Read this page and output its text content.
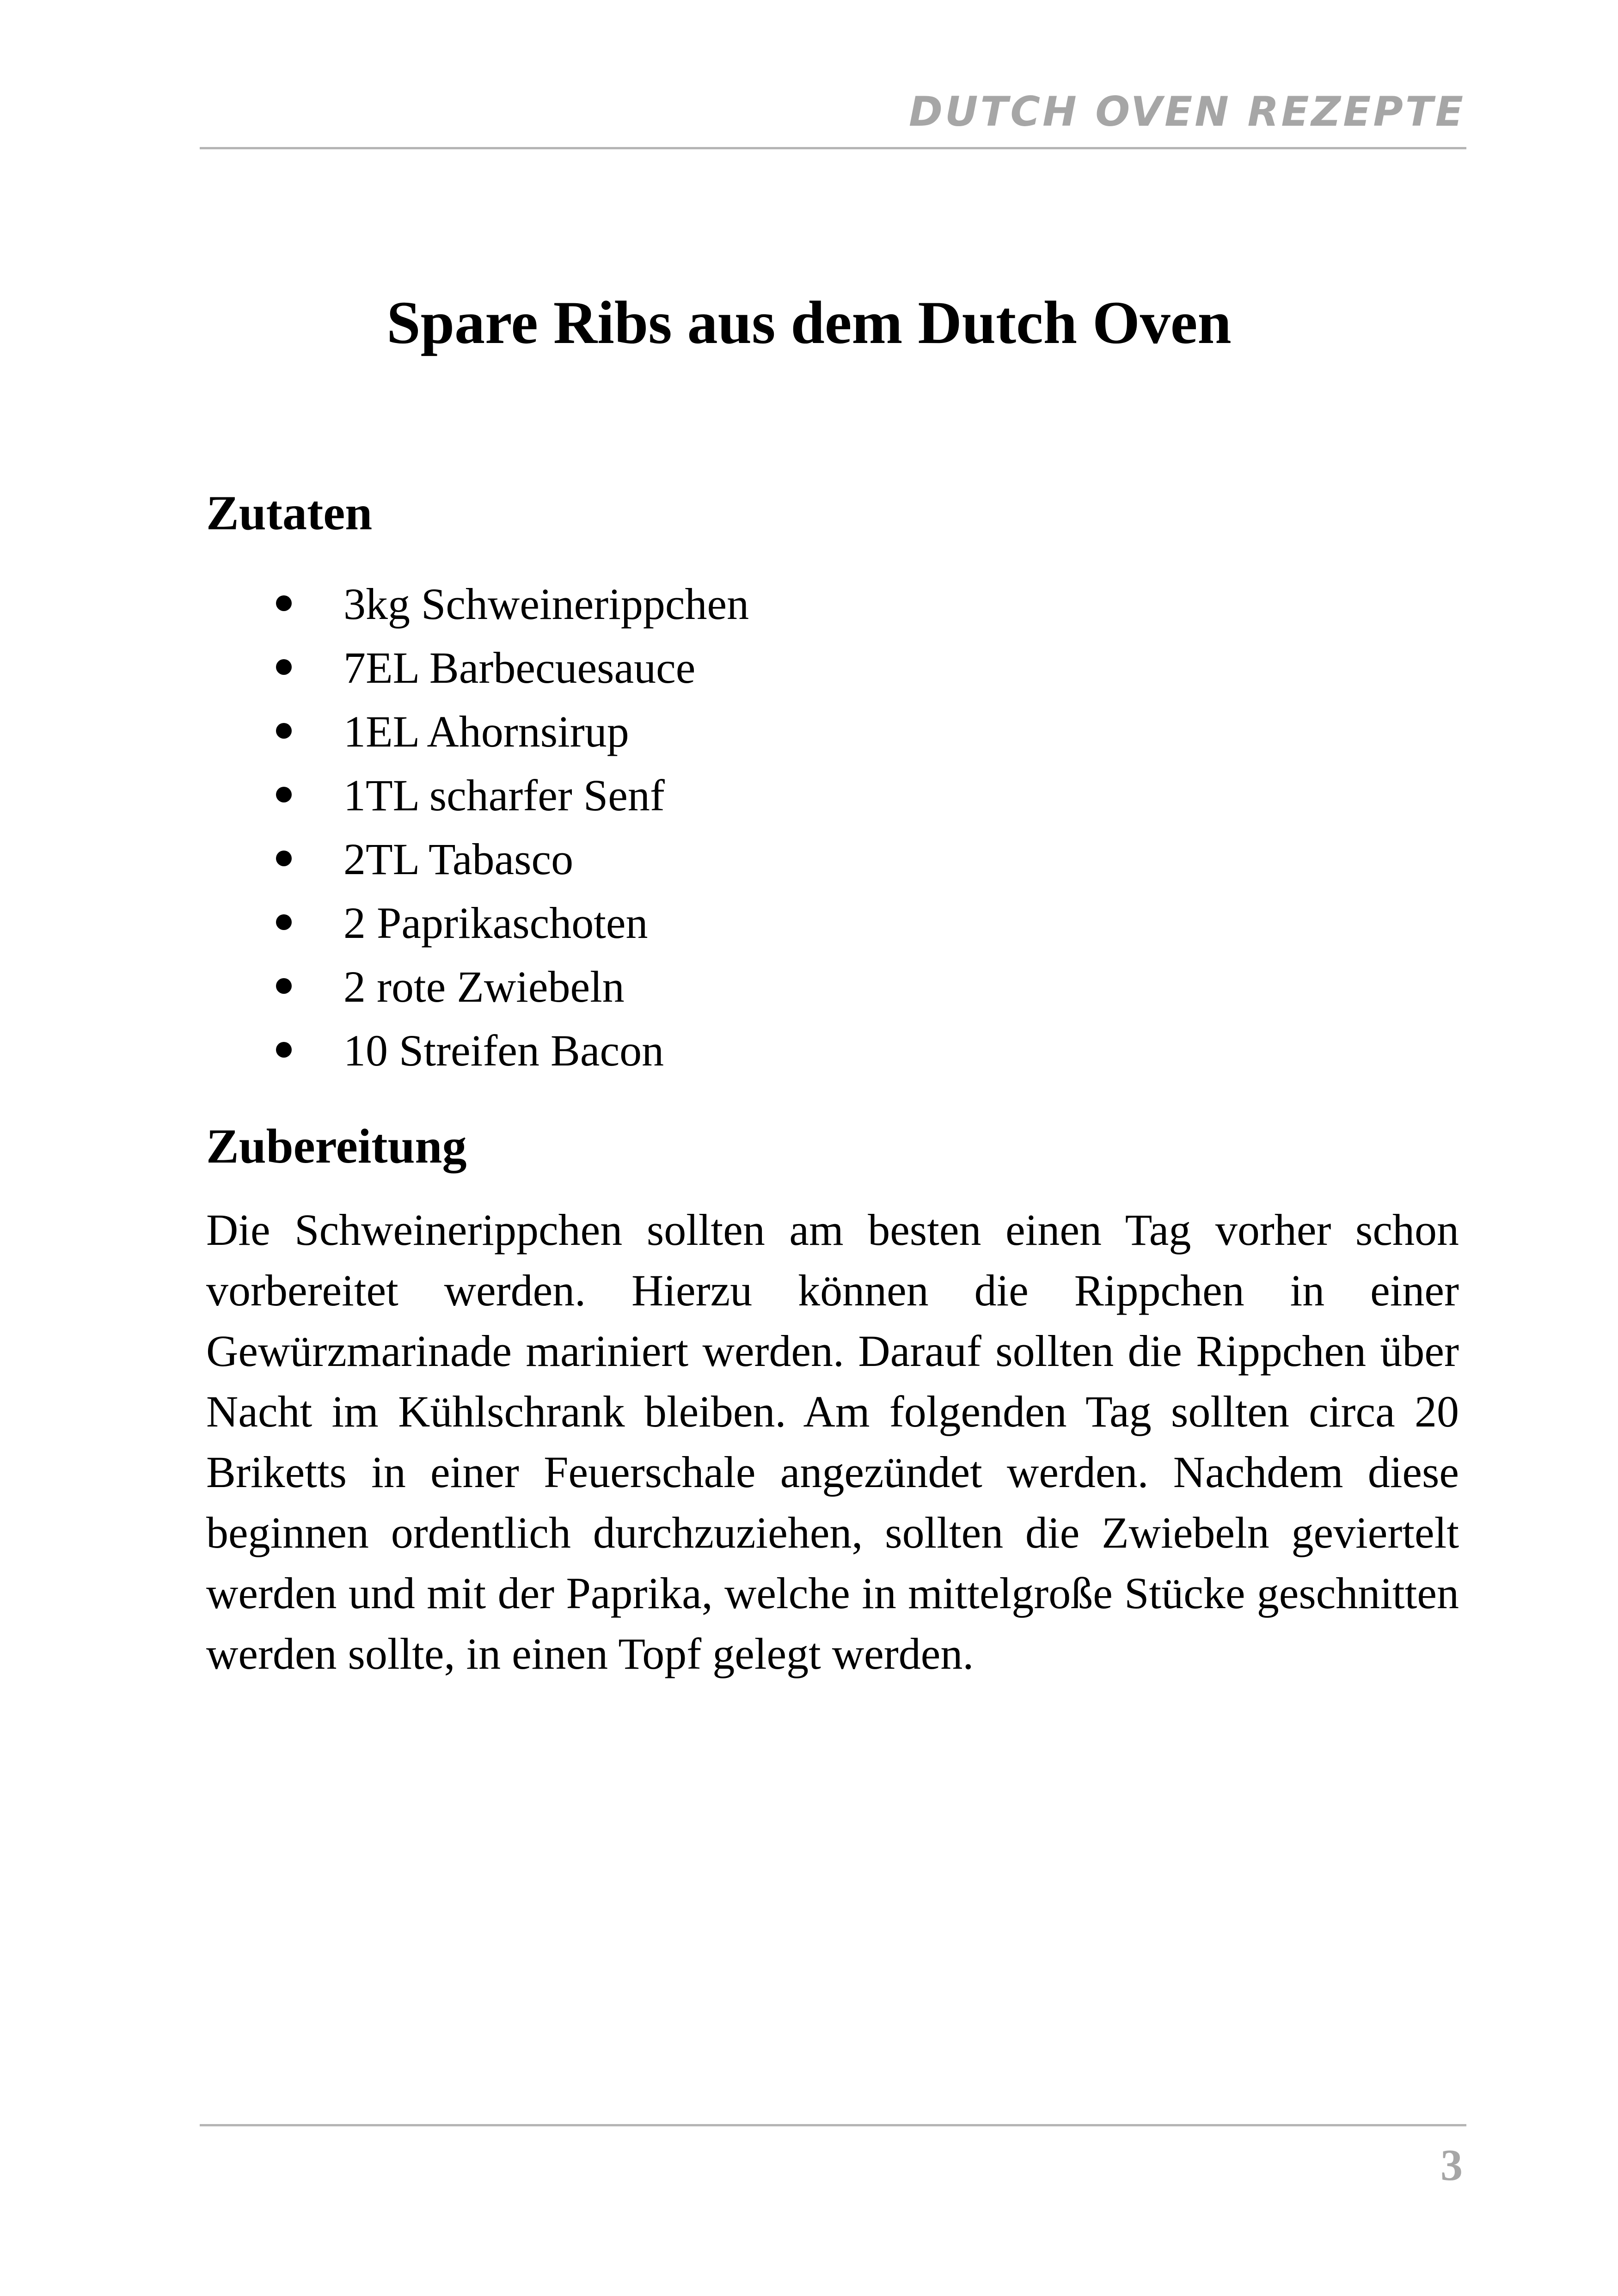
DUTCH OVEN REZEPTE
Spare Ribs aus dem Dutch Oven
Zutaten
3kg Schweinerippchen
7EL Barbecuesauce
1EL Ahornsirup
1TL scharfer Senf
2TL Tabasco
2 Paprikaschoten
2 rote Zwiebeln
10 Streifen Bacon
Zubereitung

Die Schweinerippchen sollten am besten einen Tag vorher schon vorbereitet werden. Hierzu können die Rippchen in einer Gewürzmarinade mariniert werden. Darauf sollten die Rippchen über Nacht im Kühlschrank bleiben. Am folgenden Tag sollten circa 20 Briketts in einer Feuerschale angezündet werden. Nachdem diese beginnen ordentlich durchzuziehen, sollten die Zwiebeln geviertelt werden und mit der Paprika, welche in mittelgroße Stücke geschnitten werden sollte, in einen Topf gelegt werden.

3
